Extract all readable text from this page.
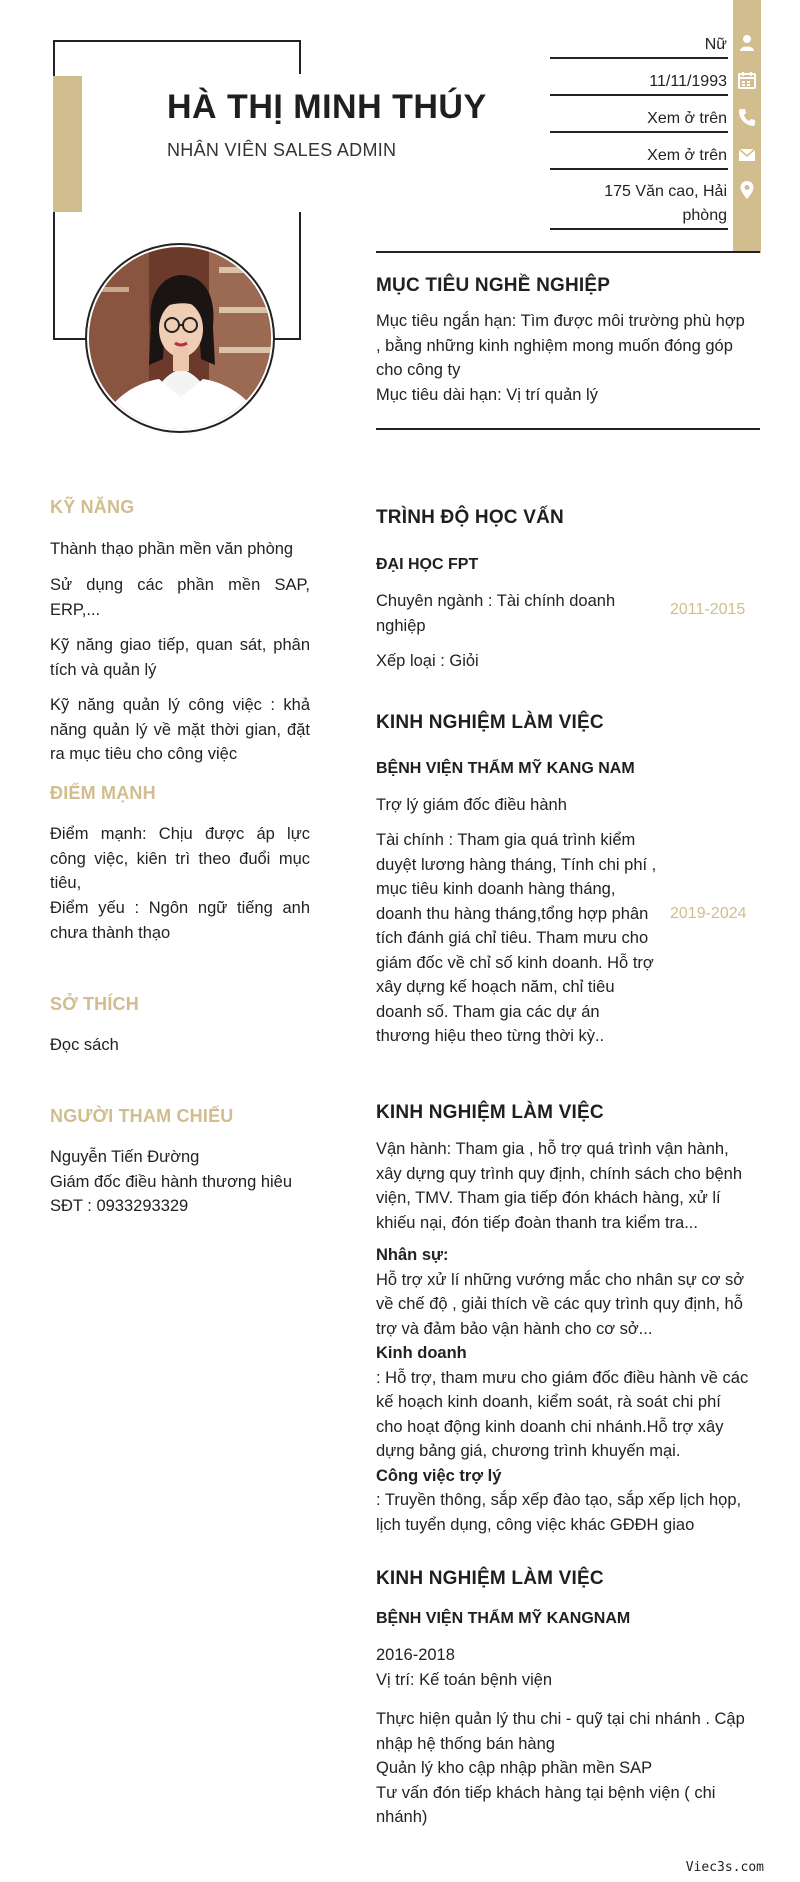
HÀ THỊ MINH THÚY
NHÂN VIÊN SALES ADMIN
Nữ
11/11/1993
Xem ở trên
Xem ở trên
175 Văn cao, Hải
phòng
MỤC TIÊU NGHỀ NGHIỆP
Mục tiêu ngắn hạn: Tìm được môi trường phù hợp
, bằng những kinh nghiệm mong muốn đóng góp
cho công ty
Mục tiêu dài hạn: Vị trí quản lý
KỸ NĂNG
Thành thạo phần mền văn phòng
Sử dụng các phần mền SAP, ERP,...
Kỹ năng giao tiếp, quan sát, phân tích và quản lý
Kỹ năng quản lý công việc : khả năng quản lý về mặt thời gian, đặt ra mục tiêu cho công việc
ĐIỂM MẠNH
Điểm mạnh: Chịu được áp lực công việc, kiên trì theo đuổi mục tiêu,
Điểm yếu : Ngôn ngữ tiếng anh chưa thành thạo
SỞ THÍCH
Đọc sách
NGƯỜI THAM CHIẾU
Nguyễn Tiến Đường
Giám đốc điều hành thương hiêu
SĐT : 0933293329
TRÌNH ĐỘ HỌC VẤN
ĐẠI HỌC FPT
Chuyên ngành : Tài chính doanh
nghiệp
2011-2015
Xếp loại : Giỏi
KINH NGHIỆM LÀM VIỆC
BỆNH VIỆN THẨM MỸ KANG NAM
Trợ lý giám đốc điều hành
2019-2024
Tài chính : Tham gia quá trình kiểm
duyệt lương hàng tháng, Tính chi phí ,
mục tiêu kinh doanh hàng tháng,
doanh thu hàng tháng,tổng hợp phân
tích đánh giá chỉ tiêu. Tham mưu cho
giám đốc về chỉ số kinh doanh. Hỗ trợ
xây dựng kế hoạch năm, chỉ tiêu
doanh số. Tham gia các dự án
thương hiệu theo từng thời kỳ..
KINH NGHIỆM LÀM VIỆC
Vận hành: Tham gia , hỗ trợ quá trình vận hành,
xây dựng quy trình quy định, chính sách cho bệnh
viện, TMV. Tham gia tiếp đón khách hàng, xử lí
khiếu nại, đón tiếp đoàn thanh tra kiểm tra...
Nhân sự:
Hỗ trợ xử lí những vướng mắc cho nhân sự cơ sở
về chế độ , giải thích về các quy trình quy định, hỗ
trợ và đảm bảo vận hành cho cơ sở...
Kinh doanh
: Hỗ trợ, tham mưu cho giám đốc điều hành về các
kế hoạch kinh doanh, kiểm soát, rà soát chi phí
cho hoạt động kinh doanh chi nhánh.Hỗ trợ xây
dựng bảng giá, chương trình khuyến mại.
Công việc trợ lý
: Truyền thông, sắp xếp đào tạo, sắp xếp lịch họp,
lịch tuyển dụng, công việc khác GĐĐH giao
KINH NGHIỆM LÀM VIỆC
BỆNH VIỆN THẨM MỸ KANGNAM
2016-2018
Vị trí: Kế toán bệnh viện
Thực hiện quản lý thu chi - quỹ tại chi nhánh . Cập
nhập hệ thống bán hàng
Quản lý kho cập nhập phần mền SAP
Tư vấn đón tiếp khách hàng tại bệnh viện ( chi
nhánh)
Viec3s.com
